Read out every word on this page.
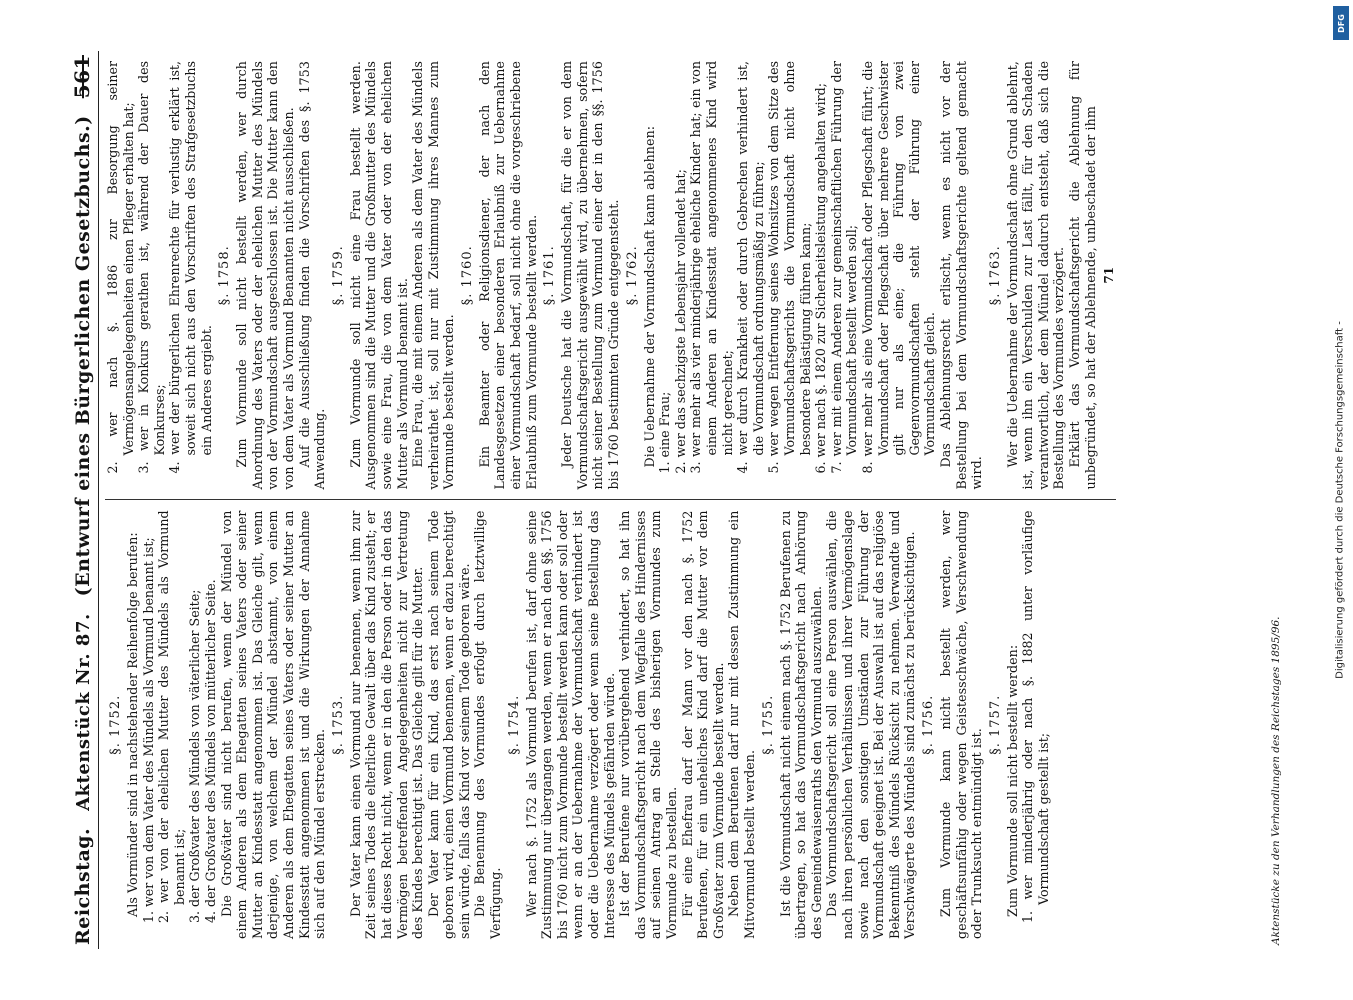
Reichstag.
Aktenstück Nr. 87.
(Entwurf eines Bürgerlichen Gesetzbuchs.)
561
§. 1752. Als Vormünder sind in nachstehender Reihenfolge berufen: 1. wer von dem Vater des Mündels als Vormund benannt ist; 2. wer von der ehelichen Mutter des Mündels als Vormund benannt ist; 3. der Großvater des Mündels von väterlicher Seite; 4. der Großvater des Mündels von mütterlicher Seite. Die Großväter sind nicht berufen, wenn der Mündel von einem Anderen als dem Ehegatten seines Vaters oder seiner Mutter an Kindesstatt angenommen ist. Das Gleiche gilt, wenn derjenige, von welchem der Mündel abstammt, von einem Anderen als dem Ehegatten seines Vaters oder seiner Mutter an Kindesstatt angenommen ist und die Wirkungen der Annahme sich auf den Mündel erstrecken.

§. 1753. Der Vater kann einen Vormund nur benennen, wenn ihm zur Zeit seines Todes die elterliche Gewalt über das Kind zusteht; er hat dieses Recht nicht, wenn er in den die Person oder in den das Vermögen betreffenden Angelegenheiten nicht zur Vertretung des Kindes berechtigt ist. Das Gleiche gilt für die Mutter. Der Vater kann für ein Kind, das erst nach seinem Tode geboren wird, einen Vormund benennen, wenn er dazu berechtigt sein würde, falls das Kind vor seinem Tode geboren wäre. Die Benennung des Vormundes erfolgt durch letztwillige Verfügung.

§. 1754. Wer nach §. 1752 als Vormund berufen ist, darf ohne seine Zustimmung nur übergangen werden, wenn er nach den §§. 1756 bis 1760 nicht zum Vormunde bestellt werden kann oder soll oder wenn er an der Uebernahme der Vormundschaft verhindert ist oder die Uebernahme verzögert oder wenn seine Bestellung das Interesse des Mündels gefährden würde. Ist der Berufene nur vorübergehend verhindert, so hat ihn das Vormundschaftsgericht nach dem Wegfalle des Hindernisses auf seinen Antrag an Stelle des bisherigen Vormundes zum Vormunde zu bestellen. Für eine Ehefrau darf der Mann vor den nach §. 1752 Berufenen, für ein uneheliches Kind darf die Mutter vor dem Großvater zum Vormunde bestellt werden. Neben dem Berufenen darf nur mit dessen Zustimmung ein Mitvormund bestellt werden.

§. 1755. Ist die Vormundschaft nicht einem nach §. 1752 Berufenen zu übertragen, so hat das Vormundschaftsgericht nach Anhörung des Gemeindewaisenraths den Vormund auszuwählen. Das Vormundschaftsgericht soll eine Person auswählen, die nach ihren persönlichen Verhältnissen und ihrer Vermögenslage sowie nach den sonstigen Umständen zur Führung der Vormundschaft geeignet ist. Bei der Auswahl ist auf das religiöse Bekenntniß des Mündels Rücksicht zu nehmen. Verwandte und Verschwägerte des Mündels sind zunächst zu berücksichtigen. §. 1756. Zum Vormunde kann nicht bestellt werden, wer geschäftsunfähig oder wegen Geistesschwäche, Verschwendung oder Trunksucht entmündigt ist.

§. 1757. Zum Vormunde soll nicht bestellt werden: 1. wer minderjährig oder nach §. 1882 unter vorläufige Vormundschaft gestellt ist;

2. wer nach §. 1886 zur Besorgung seiner Vermögensangelegenheiten einen Pfleger erhalten hat; 3. wer in Konkurs gerathen ist, während der Dauer des Konkurses; 4. wer der bürgerlichen Ehrenrechte für verlustig erklärt ist, soweit sich nicht aus den Vorschriften des Strafgesetzbuchs ein Anderes ergiebt.

§. 1758. Zum Vormunde soll nicht bestellt werden, wer durch Anordnung des Vaters oder der ehelichen Mutter des Mündels von der Vormundschaft ausgeschlossen ist. Die Mutter kann den von dem Vater als Vormund Benannten nicht ausschließen. Auf die Ausschließung finden die Vorschriften des §. 1753 Anwendung.

§. 1759. Zum Vormunde soll nicht eine Frau bestellt werden. Ausgenommen sind die Mutter und die Großmutter des Mündels sowie eine Frau, die von dem Vater oder von der ehelichen Mutter als Vormund benannt ist. Eine Frau, die mit einem Anderen als dem Vater des Mündels verheirathet ist, soll nur mit Zustimmung ihres Mannes zum Vormunde bestellt werden.

§. 1760. Ein Beamter oder Religionsdiener, der nach den Landesgesetzen einer besonderen Erlaubniß zur Uebernahme einer Vormundschaft bedarf, soll nicht ohne die vorgeschriebene Erlaubniß zum Vormunde bestellt werden. §. 1761. Jeder Deutsche hat die Vormundschaft, für die er von dem Vormundschaftsgericht ausgewählt wird, zu übernehmen, sofern nicht seiner Bestellung zum Vormund einer der in den §§. 1756 bis 1760 bestimmten Gründe entgegensteht. §. 1762. Die Uebernahme der Vormundschaft kann ablehnen: 1. eine Frau; 2. wer das sechzigste Lebensjahr vollendet hat; 3. wer mehr als vier minderjährige eheliche Kinder hat; ein von einem Anderen an Kindesstatt angenommenes Kind wird nicht gerechnet; 4. wer durch Krankheit oder durch Gebrechen verhindert ist, die Vormundschaft ordnungsmäßig zu führen; 5. wer wegen Entfernung seines Wohnsitzes von dem Sitze des Vormundschaftsgerichts die Vormundschaft nicht ohne besondere Belästigung führen kann; 6. wer nach §. 1820 zur Sicherheitsleistung angehalten wird; 7. wer mit einem Anderen zur gemeinschaftlichen Führung der Vormundschaft bestellt werden soll; 8. wer mehr als eine Vormundschaft oder Pflegschaft führt; die Vormundschaft oder Pflegschaft über mehrere Geschwister gilt nur als eine; die Führung von zwei Gegenvormundschaften steht der Führung einer Vormundschaft gleich. Das Ablehnungsrecht erlischt, wenn es nicht vor der Bestellung bei dem Vormundschaftsgerichte geltend gemacht wird.

§. 1763. Wer die Uebernahme der Vormundschaft ohne Grund ablehnt, ist, wenn ihn ein Verschulden zur Last fällt, für den Schaden verantwortlich, der dem Mündel dadurch entsteht, daß sich die Bestellung des Vormundes verzögert. Erklärt das Vormundschaftsgericht die Ablehnung für unbegründet, so hat der Ablehnende, unbeschadet der ihm 71
Aktenstücke zu den Verhandlungen des Reichstages 1895/96.
DFG
Digitalisierung gefördert durch die Deutsche Forschungsgemeinschaft -
